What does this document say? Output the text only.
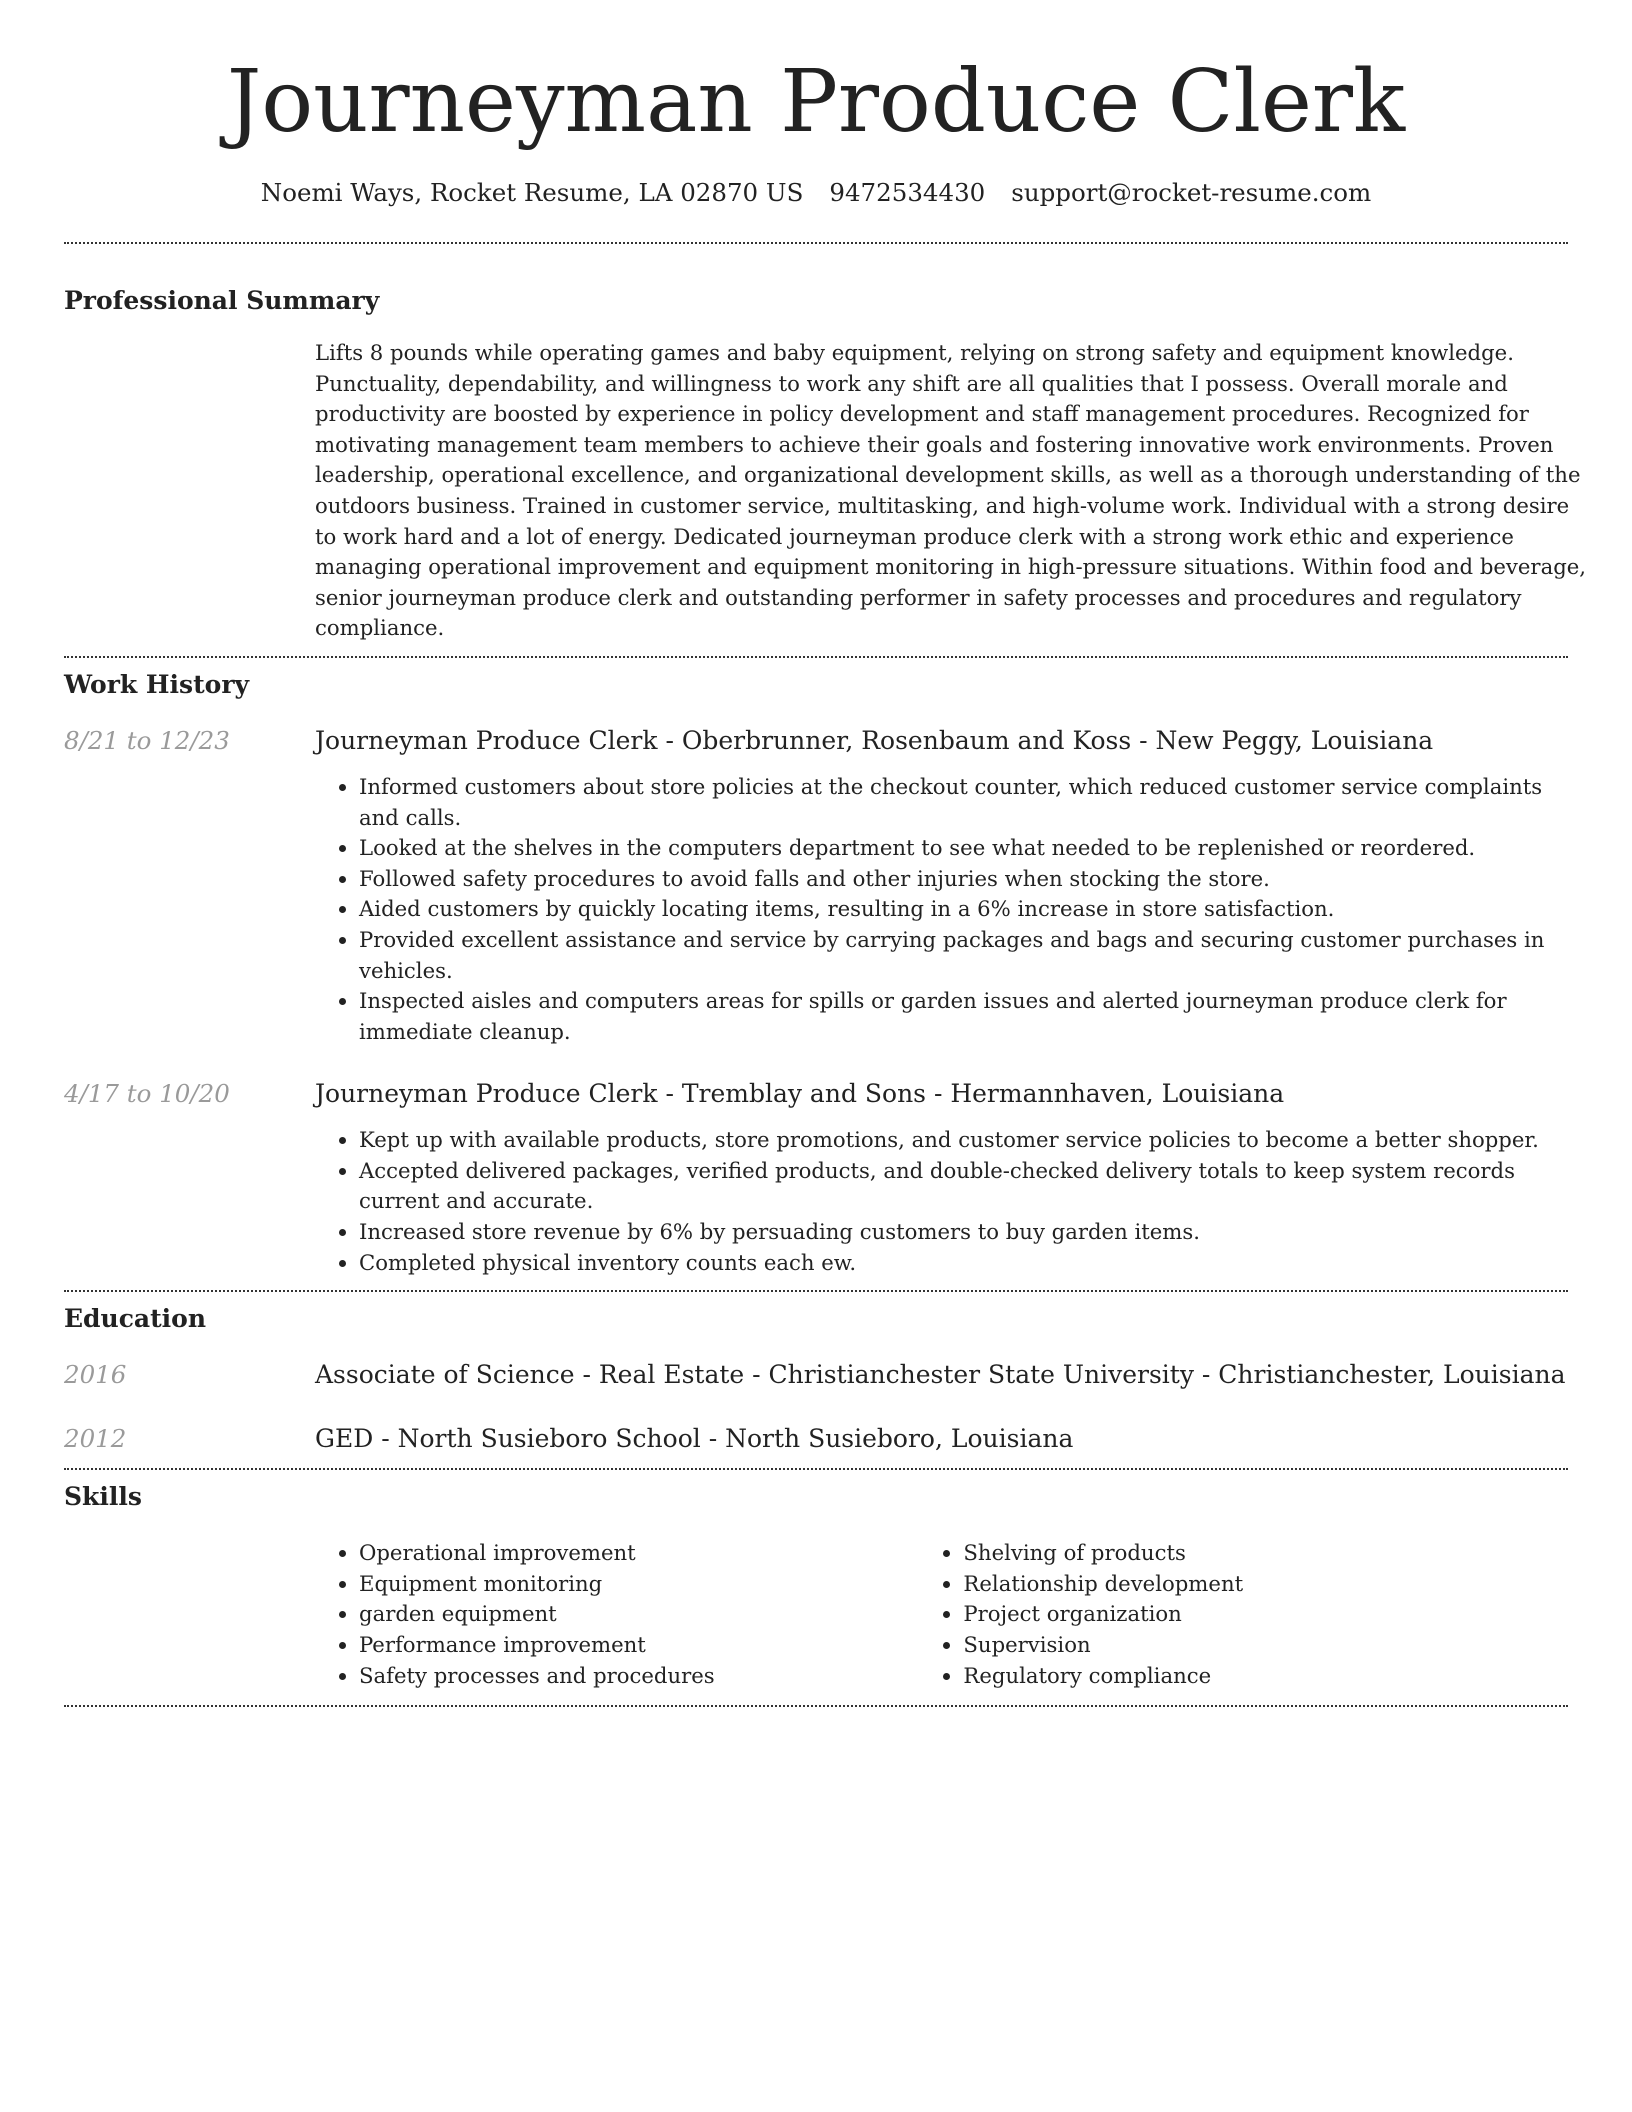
Journeyman Produce Clerk
Noemi Ways, Rocket Resume, LA 02870 US 9472534430 support@rocket-resume.com
Professional Summary

Lifts 8 pounds while operating games and baby equipment, relying on strong safety and equipment knowledge. Punctuality, dependability, and willingness to work any shift are all qualities that I possess. Overall morale and productivity are boosted by experience in policy development and staff management procedures. Recognized for motivating management team members to achieve their goals and fostering innovative work environments. Proven leadership, operational excellence, and organizational development skills, as well as a thorough understanding of the outdoors business. Trained in customer service, multitasking, and high-volume work. Individual with a strong desire to work hard and a lot of energy. Dedicated journeyman produce clerk with a strong work ethic and experience managing operational improvement and equipment monitoring in high-pressure situations. Within food and beverage, senior journeyman produce clerk and outstanding performer in safety processes and procedures and regulatory compliance.

Work History
8/21 to 12/23	Journeyman Produce Clerk - Oberbrunner, Rosenbaum and Koss - New Peggy, Louisiana
• Informed customers about store policies at the checkout counter, which reduced customer service complaints and calls.
• Looked at the shelves in the computers department to see what needed to be replenished or reordered.
• Followed safety procedures to avoid falls and other injuries when stocking the store.
• Aided customers by quickly locating items, resulting in a 6% increase in store satisfaction.
• Provided excellent assistance and service by carrying packages and bags and securing customer purchases in vehicles.
• Inspected aisles and computers areas for spills or garden issues and alerted journeyman produce clerk for immediate cleanup.
4/17 to 10/20	Journeyman Produce Clerk - Tremblay and Sons - Hermannhaven, Louisiana
• Kept up with available products, store promotions, and customer service policies to become a better shopper.
• Accepted delivered packages, verified products, and double-checked delivery totals to keep system records current and accurate.
• Increased store revenue by 6% by persuading customers to buy garden items.
• Completed physical inventory counts each ew.
Education
2016	Associate of Science - Real Estate - Christianchester State University - Christianchester, Louisiana
2012	GED - North Susieboro School - North Susieboro, Louisiana
Skills
• Operational improvement
• Equipment monitoring
• garden equipment
• Performance improvement
• Safety processes and procedures
• Shelving of products
• Relationship development
• Project organization
• Supervision
• Regulatory compliance
